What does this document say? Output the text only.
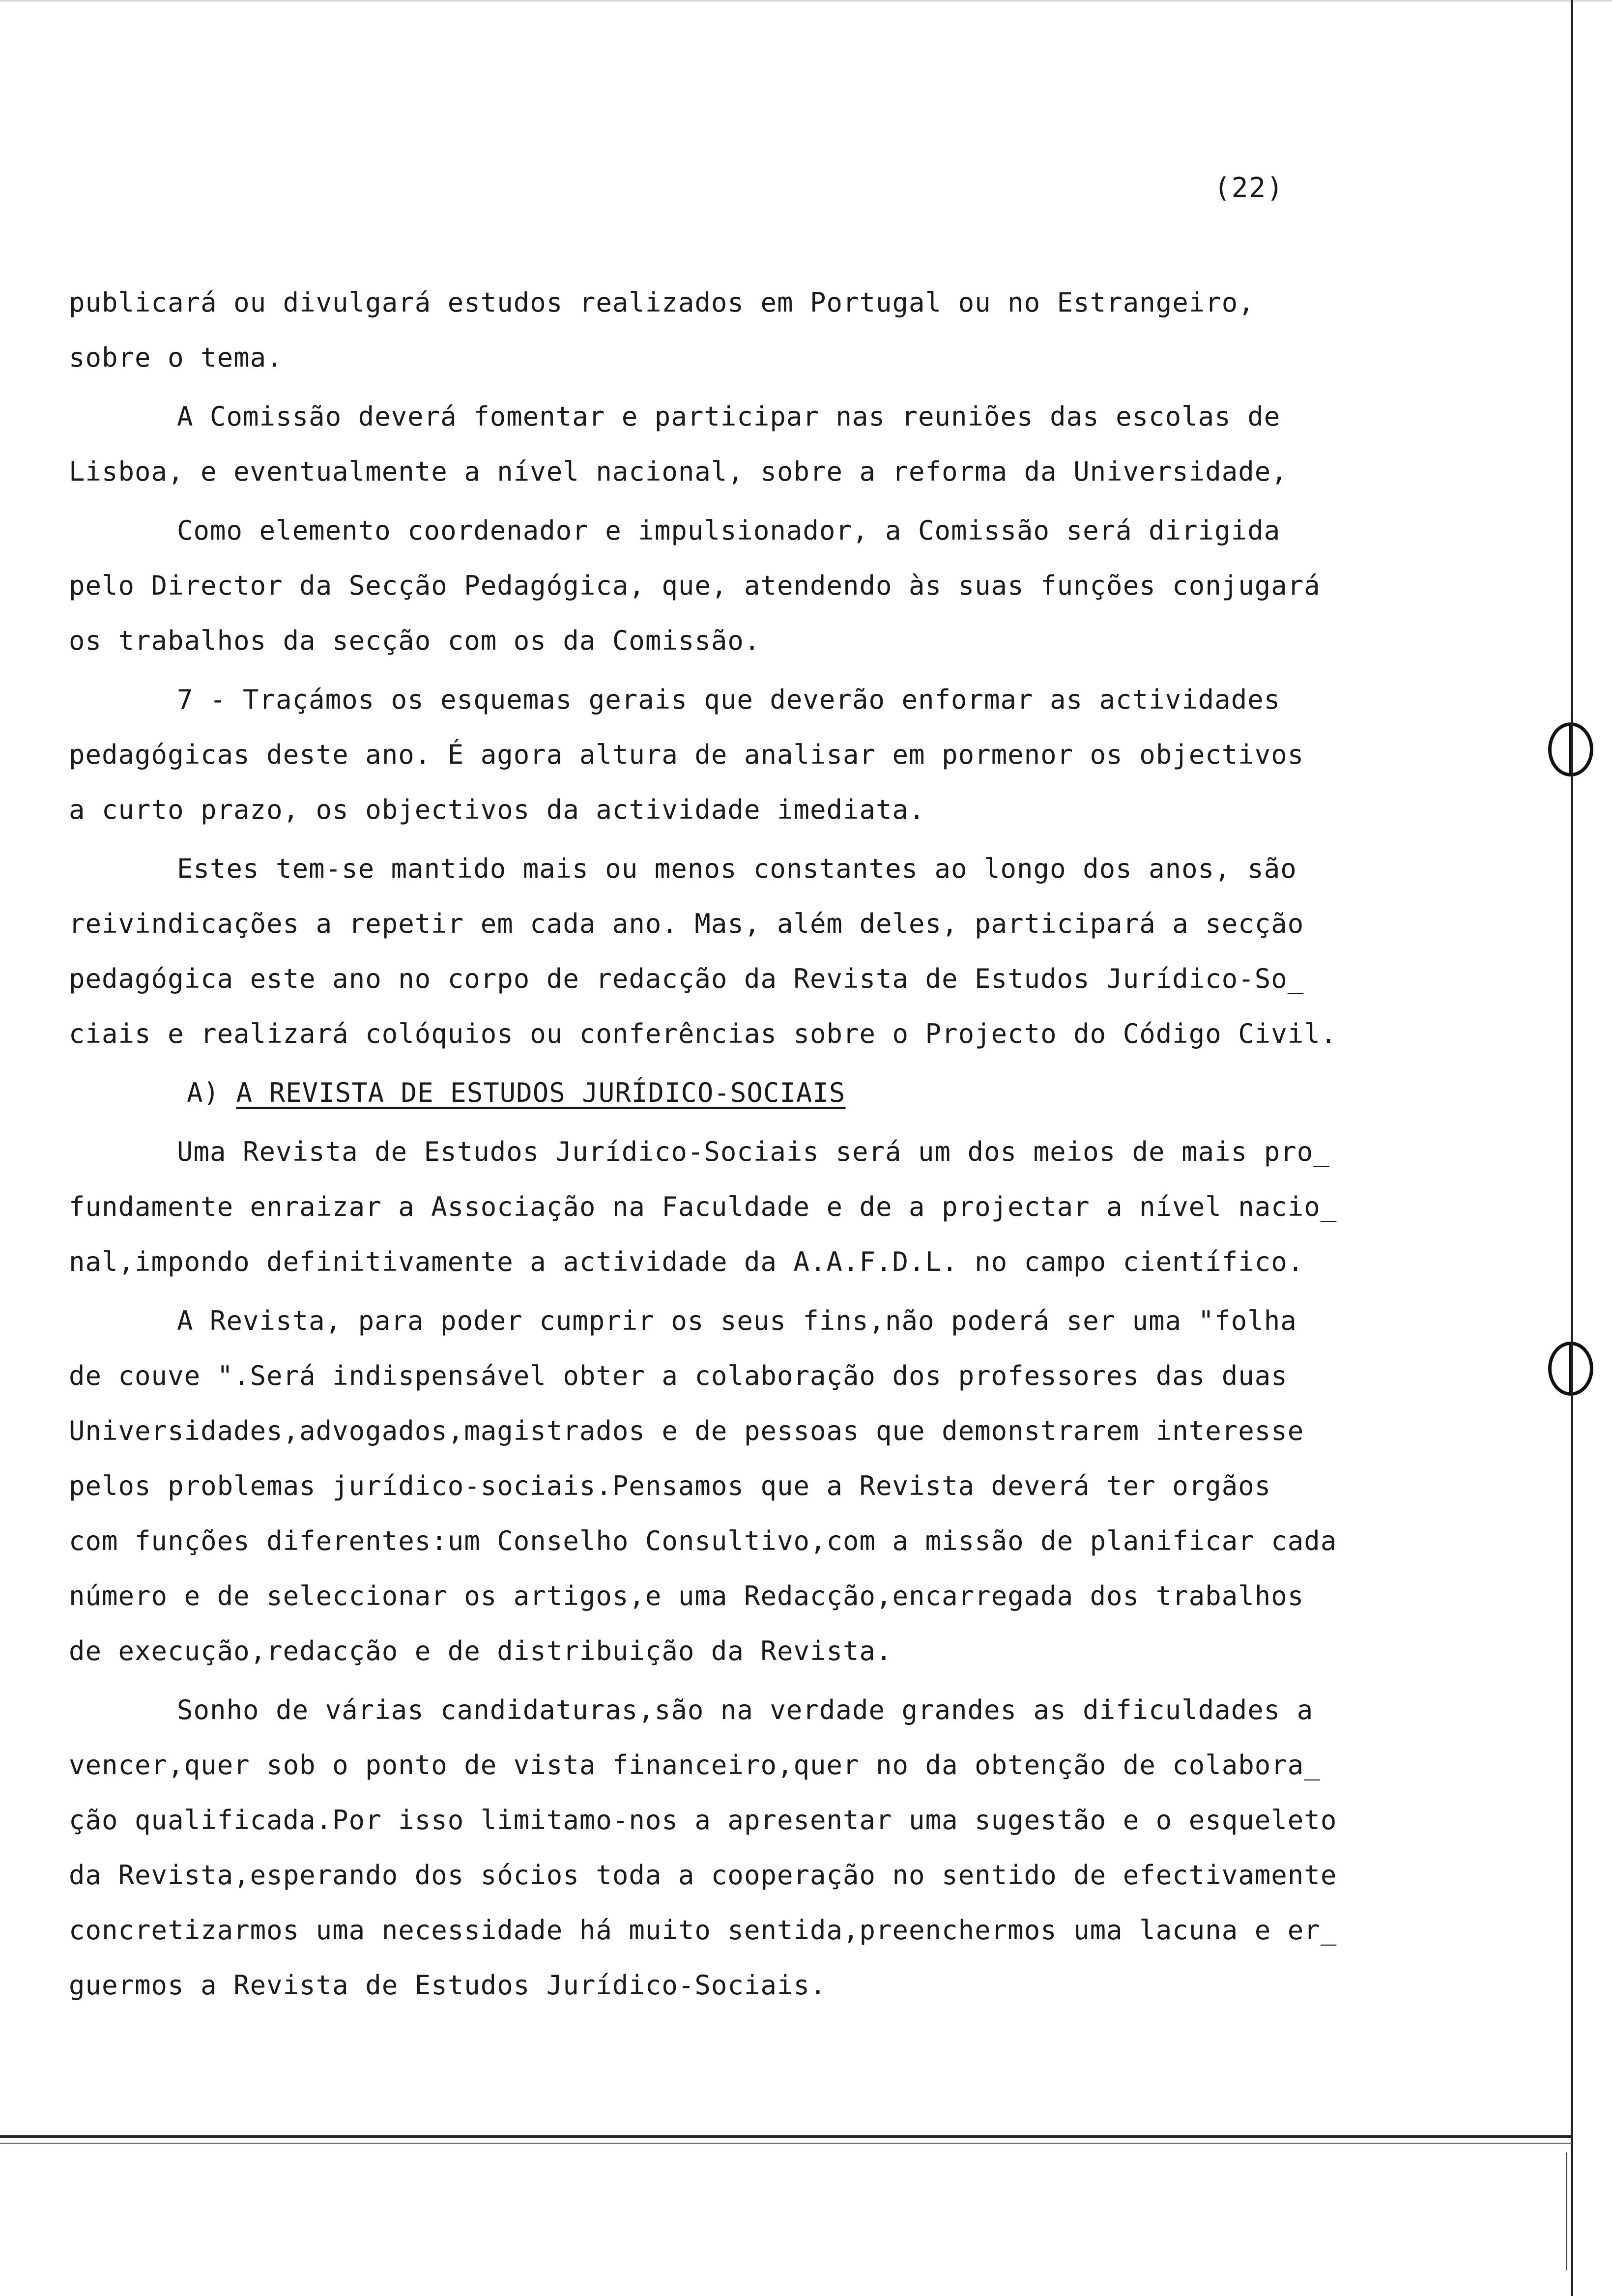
(22)
publicará ou divulgará estudos realizados em Portugal ou no Estrangeiro,
sobre o tema.
A Comissão deverá fomentar e participar nas reuniões das escolas de
Lisboa, e eventualmente a nível nacional, sobre a reforma da Universidade,
Como elemento coordenador e impulsionador, a Comissão será dirigida
pelo Director da Secção Pedagógica, que, atendendo às suas funções conjugará
os trabalhos da secção com os da Comissão.
7 - Traçámos os esquemas gerais que deverão enformar as actividades
pedagógicas deste ano. É agora altura de analisar em pormenor os objectivos
a curto prazo, os objectivos da actividade imediata.
Estes tem-se mantido mais ou menos constantes ao longo dos anos, são
reivindicações a repetir em cada ano. Mas, além deles, participará a secção
pedagógica este ano no corpo de redacção da Revista de Estudos Jurídico-So_
ciais e realizará colóquios ou conferências sobre o Projecto do Código Civil.
A) A REVISTA DE ESTUDOS JURÍDICO-SOCIAIS
Uma Revista de Estudos Jurídico-Sociais será um dos meios de mais pro_
fundamente enraizar a Associação na Faculdade e de a projectar a nível nacio_
nal,impondo definitivamente a actividade da A.A.F.D.L. no campo científico.
A Revista, para poder cumprir os seus fins,não poderá ser uma "folha
de couve ".Será indispensável obter a colaboração dos professores das duas
Universidades,advogados,magistrados e de pessoas que demonstrarem interesse
pelos problemas jurídico-sociais.Pensamos que a Revista deverá ter orgãos
com funções diferentes:um Conselho Consultivo,com a missão de planificar cada
número e de seleccionar os artigos,e uma Redacção,encarregada dos trabalhos
de execução,redacção e de distribuição da Revista.
Sonho de várias candidaturas,são na verdade grandes as dificuldades a
vencer,quer sob o ponto de vista financeiro,quer no da obtenção de colabora_
ção qualificada.Por isso limitamo-nos a apresentar uma sugestão e o esqueleto
da Revista,esperando dos sócios toda a cooperação no sentido de efectivamente
concretizarmos uma necessidade há muito sentida,preenchermos uma lacuna e er_
guermos a Revista de Estudos Jurídico-Sociais.
